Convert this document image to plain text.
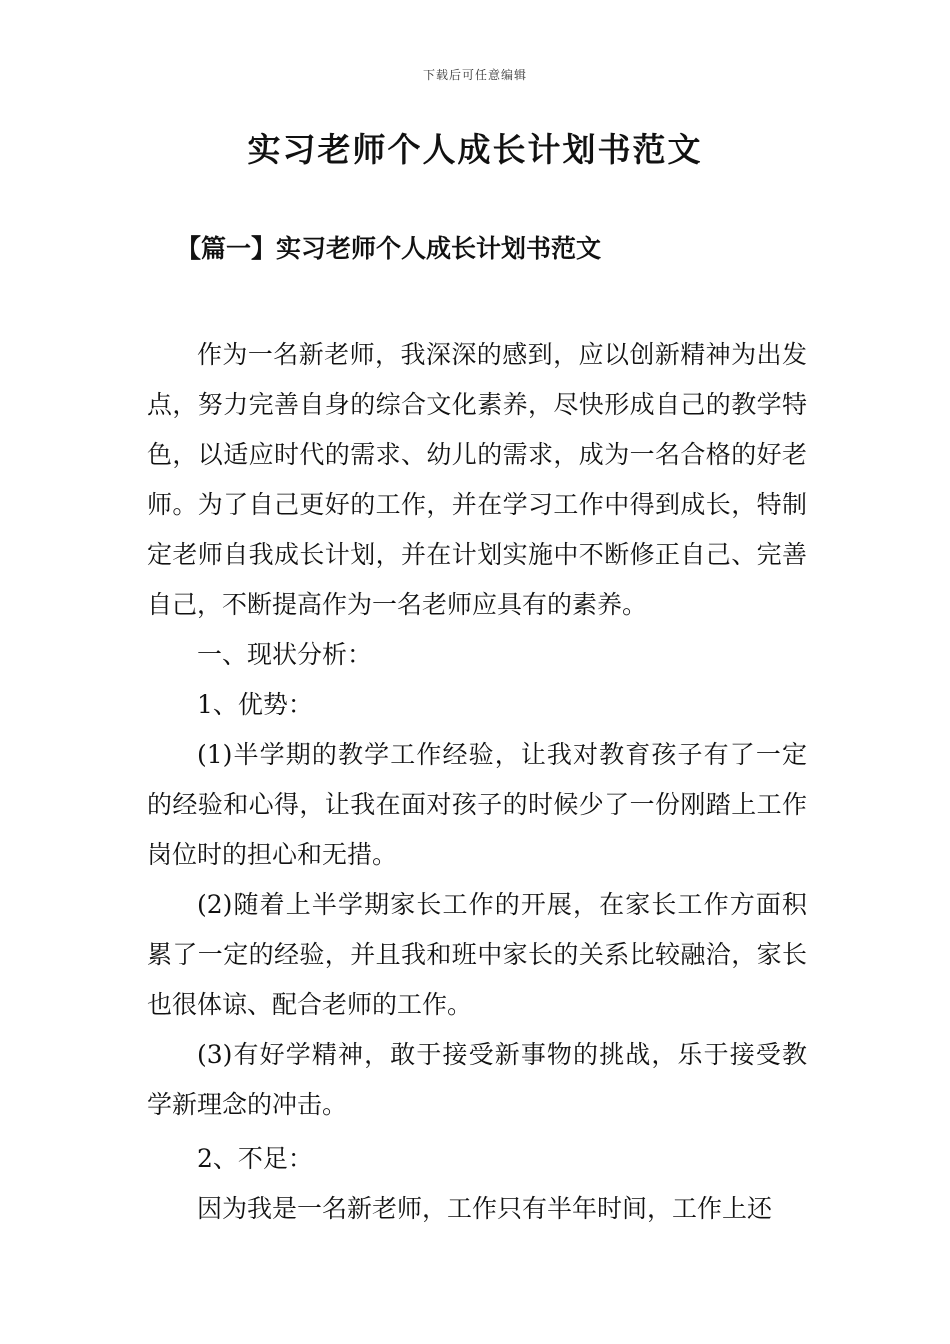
下载后可任意编辑
实习老师个人成长计划书范文
【篇一】实习老师个人成长计划书范文

作为一名新老师，我深深的感到，应以创新精神为出发点，努力完善自身的综合文化素养，尽快形成自己的教学特色，以适应时代的需求、幼儿的需求，成为一名合格的好老师。为了自己更好的工作，并在学习工作中得到成长，特制定老师自我成长计划，并在计划实施中不断修正自己、完善自己，不断提高作为一名老师应具有的素养。

一、现状分析：

1、优势：

(1)半学期的教学工作经验，让我对教育孩子有了一定的经验和心得，让我在面对孩子的时候少了一份刚踏上工作岗位时的担心和无措。

(2)随着上半学期家长工作的开展，在家长工作方面积累了一定的经验，并且我和班中家长的关系比较融洽，家长也很体谅、配合老师的工作。

(3)有好学精神，敢于接受新事物的挑战，乐于接受教学新理念的冲击。

2、不足：

因为我是一名新老师，工作只有半年时间，工作上还
